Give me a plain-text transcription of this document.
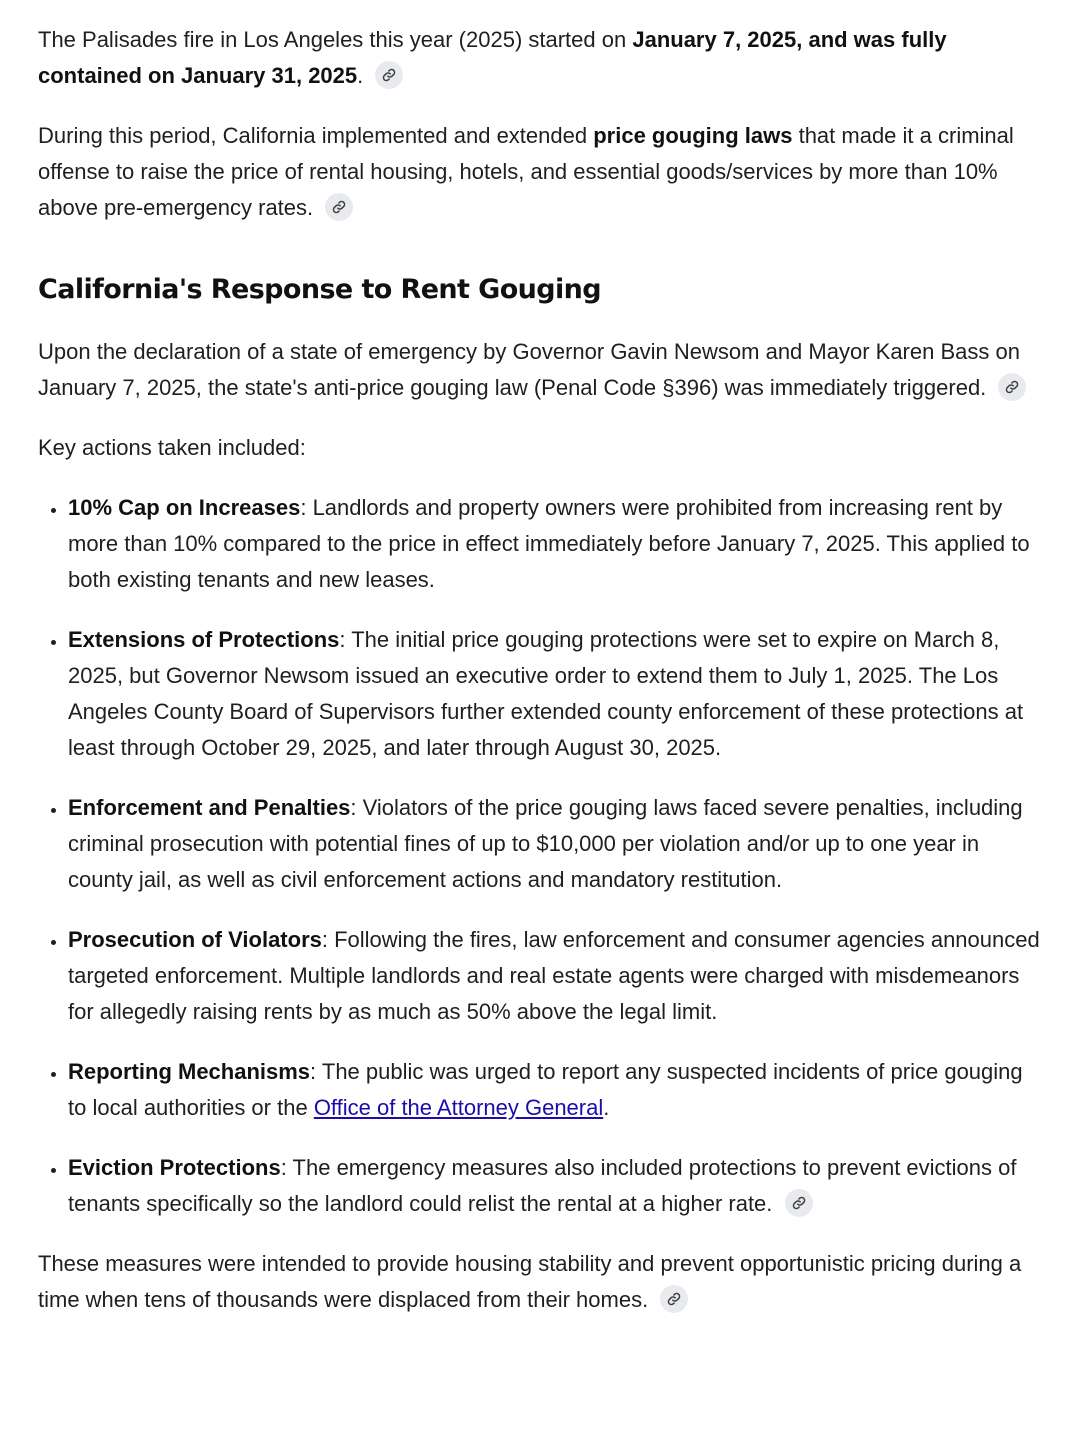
The Palisades fire in Los Angeles this year (2025) started on January 7, 2025, and was fully contained on January 31, 2025.

During this period, California implemented and extended price gouging laws that made it a criminal offense to raise the price of rental housing, hotels, and essential goods/services by more than 10% above pre-emergency rates.

California's Response to Rent Gouging

Upon the declaration of a state of emergency by Governor Gavin Newsom and Mayor Karen Bass on January 7, 2025, the state's anti-price gouging law (Penal Code §396) was immediately triggered.

Key actions taken included:

• 10% Cap on Increases: Landlords and property owners were prohibited from increasing rent by more than 10% compared to the price in effect immediately before January 7, 2025. This applied to both existing tenants and new leases.
• Extensions of Protections: The initial price gouging protections were set to expire on March 8, 2025, but Governor Newsom issued an executive order to extend them to July 1, 2025. The Los Angeles County Board of Supervisors further extended county enforcement of these protections at least through October 29, 2025, and later through August 30, 2025.
• Enforcement and Penalties: Violators of the price gouging laws faced severe penalties, including criminal prosecution with potential fines of up to $10,000 per violation and/or up to one year in county jail, as well as civil enforcement actions and mandatory restitution.
• Prosecution of Violators: Following the fires, law enforcement and consumer agencies announced targeted enforcement. Multiple landlords and real estate agents were charged with misdemeanors for allegedly raising rents by as much as 50% above the legal limit.
• Reporting Mechanisms: The public was urged to report any suspected incidents of price gouging to local authorities or the Office of the Attorney General.
• Eviction Protections: The emergency measures also included protections to prevent evictions of tenants specifically so the landlord could relist the rental at a higher rate.

These measures were intended to provide housing stability and prevent opportunistic pricing during a time when tens of thousands were displaced from their homes.
